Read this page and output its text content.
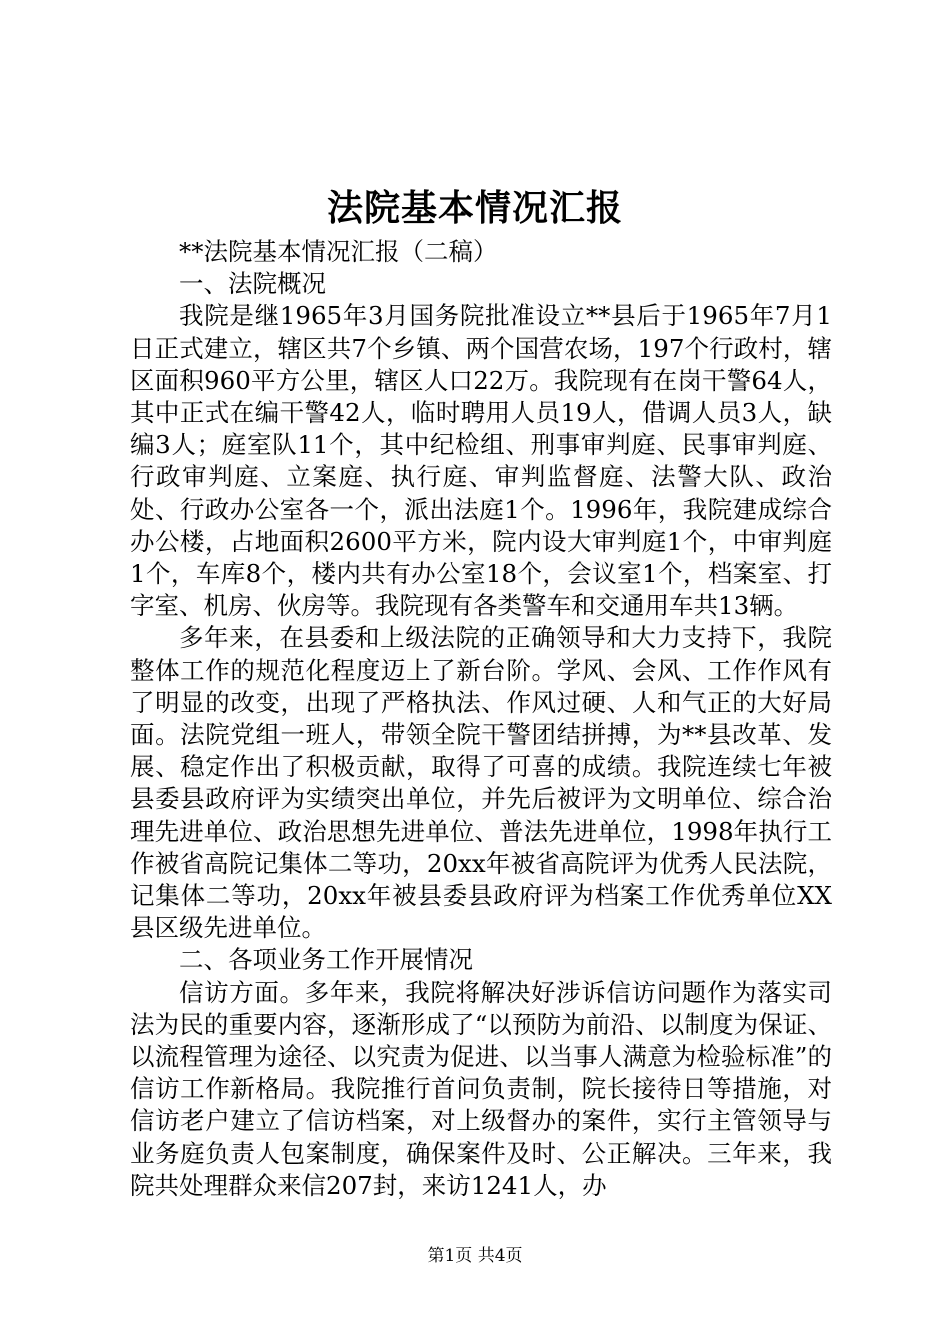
法院基本情况汇报

**法院基本情况汇报（二稿）

一、法院概况

我院是继1965年3月国务院批准设立**县后于1965年7月1日正式建立，辖区共7个乡镇、两个国营农场，197个行政村，辖区面积960平方公里，辖区人口22万。我院现有在岗干警64人，其中正式在编干警42人，临时聘用人员19人，借调人员3人，缺编3人；庭室队11个，其中纪检组、刑事审判庭、民事审判庭、行政审判庭、立案庭、执行庭、审判监督庭、法警大队、政治处、行政办公室各一个，派出法庭1个。1996年，我院建成综合办公楼，占地面积2600平方米，院内设大审判庭1个，中审判庭1个，车库8个，楼内共有办公室18个，会议室1个，档案室、打字室、机房、伙房等。我院现有各类警车和交通用车共13辆。

多年来，在县委和上级法院的正确领导和大力支持下，我院整体工作的规范化程度迈上了新台阶。学风、会风、工作作风有了明显的改变，出现了严格执法、作风过硬、人和气正的大好局面。法院党组一班人，带领全院干警团结拼搏，为**县改革、发展、稳定作出了积极贡献，取得了可喜的成绩。我院连续七年被县委县政府评为实绩突出单位，并先后被评为文明单位、综合治理先进单位、政治思想先进单位、普法先进单位，1998年执行工作被省高院记集体二等功，20xx年被省高院评为优秀人民法院，记集体二等功，20xx年被县委县政府评为档案工作优秀单位XX县区级先进单位。

二、各项业务工作开展情况

信访方面。多年来，我院将解决好涉诉信访问题作为落实司法为民的重要内容，逐渐形成了“以预防为前沿、以制度为保证、以流程管理为途径、以究责为促进、以当事人满意为检验标准”的信访工作新格局。我院推行首问负责制，院长接待日等措施，对信访老户建立了信访档案，对上级督办的案件，实行主管领导与业务庭负责人包案制度，确保案件及时、公正解决。三年来，我院共处理群众来信207封，来访1241人，办

第1页 共4页
